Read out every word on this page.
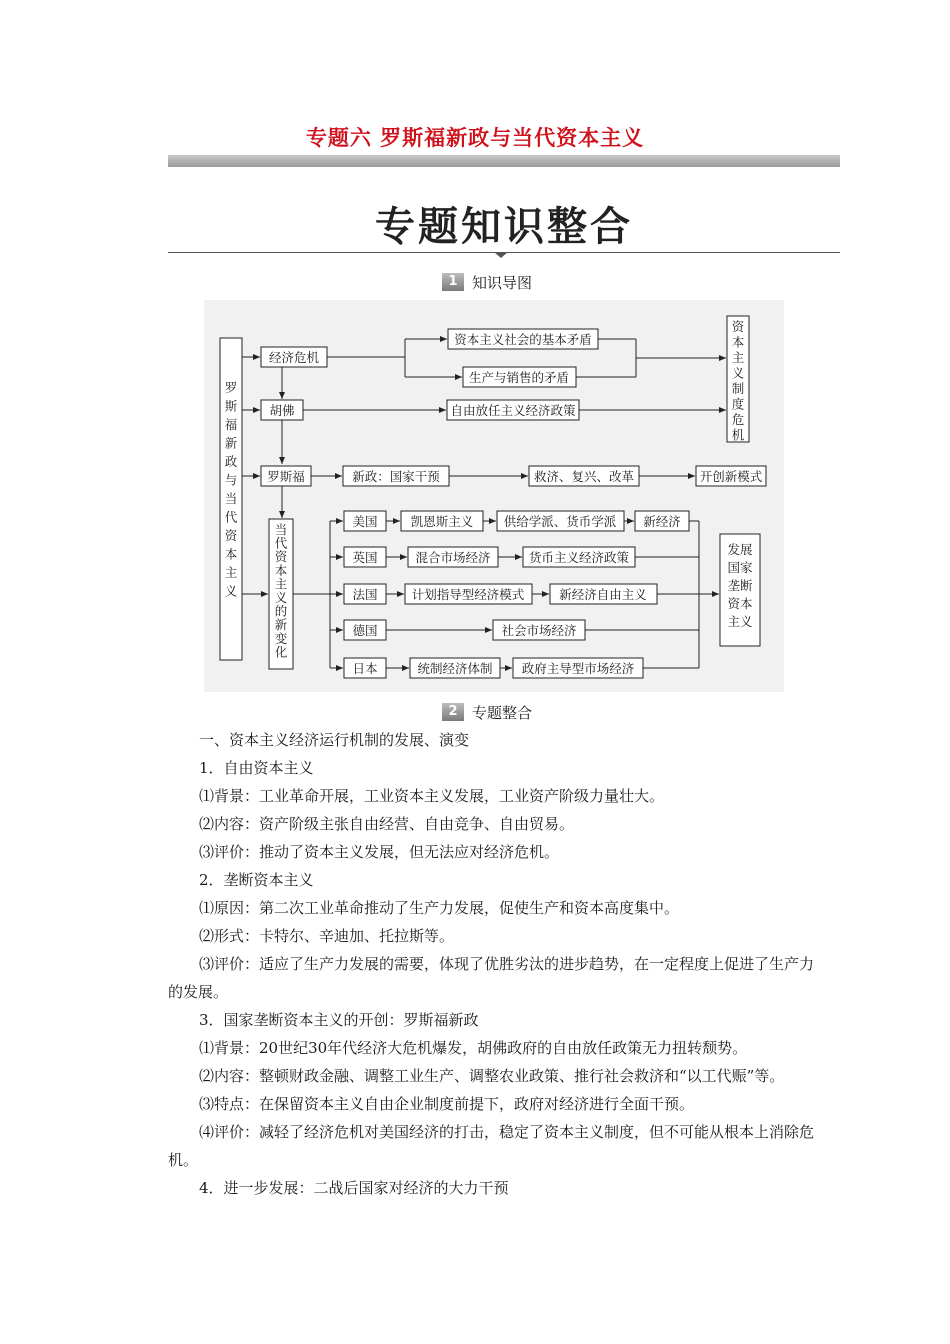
专题六 罗斯福新政与当代资本主义
专题知识整合
1 知识导图
罗斯福新政与当代资本主义
经济危机
资本主义社会的基本矛盾
生产与销售的矛盾
资本主义制度危机
胡佛	自由放任主义经济政策
罗斯福	新政：国家干预	救济、复兴、改革	开创新模式
当代资本主义的新变化
发展国家垄断资本主义
美国	凯恩斯主义 供给学派、货币学派 新经济
英国	混合市场经济	货币主义经济政策
法国	计划指导型经济模式	新经济自由主义
德国	社会市场经济
日本	统制经济体制 政府主导型市场经济
2 专题整合

一、资本主义经济运行机制的发展、演变

1．自由资本主义

⑴背景：工业革命开展，工业资本主义发展，工业资产阶级力量壮大。

⑵内容：资产阶级主张自由经营、自由竞争、自由贸易。

⑶评价：推动了资本主义发展，但无法应对经济危机。

2．垄断资本主义

⑴原因：第二次工业革命推动了生产力发展，促使生产和资本高度集中。

⑵形式：卡特尔、辛迪加、托拉斯等。

⑶评价：适应了生产力发展的需要，体现了优胜劣汰的进步趋势，在一定程度上促进了生产力的发展。

3．国家垄断资本主义的开创：罗斯福新政

⑴背景：20世纪30年代经济大危机爆发，胡佛政府的自由放任政策无力扭转颓势。

⑵内容：整顿财政金融、调整工业生产、调整农业政策、推行社会救济和“以工代赈”等。

⑶特点：在保留资本主义自由企业制度前提下，政府对经济进行全面干预。

⑷评价：减轻了经济危机对美国经济的打击，稳定了资本主义制度，但不可能从根本上消除危机。

4．进一步发展：二战后国家对经济的大力干预
